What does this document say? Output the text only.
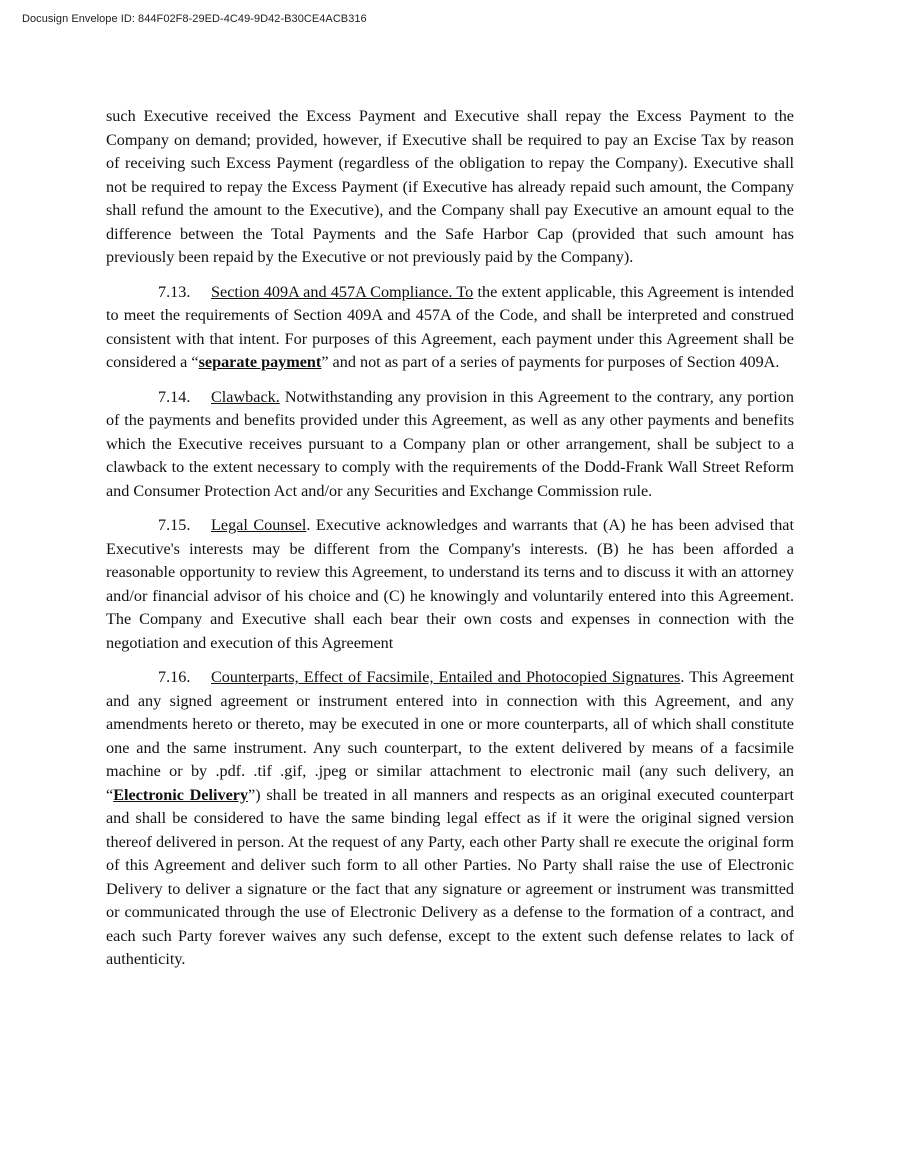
Docusign Envelope ID: 844F02F8-29ED-4C49-9D42-B30CE4ACB316

such Executive received the Excess Payment and Executive shall repay the Excess Payment to the Company on demand; provided, however, if Executive shall be required to pay an Excise Tax by reason of receiving such Excess Payment (regardless of the obligation to repay the Company). Executive shall not be required to repay the Excess Payment (if Executive has already repaid such amount, the Company shall refund the amount to the Executive), and the Company shall pay Executive an amount equal to the difference between the Total Payments and the Safe Harbor Cap (provided that such amount has previously been repaid by the Executive or not previously paid by the Company).

7.13. Section 409A and 457A Compliance. To the extent applicable, this Agreement is intended to meet the requirements of Section 409A and 457A of the Code, and shall be interpreted and construed consistent with that intent. For purposes of this Agreement, each payment under this Agreement shall be considered a “separate payment” and not as part of a series of payments for purposes of Section 409A.

7.14. Clawback. Notwithstanding any provision in this Agreement to the contrary, any portion of the payments and benefits provided under this Agreement, as well as any other payments and benefits which the Executive receives pursuant to a Company plan or other arrangement, shall be subject to a clawback to the extent necessary to comply with the requirements of the Dodd-Frank Wall Street Reform and Consumer Protection Act and/or any Securities and Exchange Commission rule.

7.15. Legal Counsel. Executive acknowledges and warrants that (A) he has been advised that Executive's interests may be different from the Company's interests. (B) he has been afforded a reasonable opportunity to review this Agreement, to understand its terns and to discuss it with an attorney and/or financial advisor of his choice and (C) he knowingly and voluntarily entered into this Agreement. The Company and Executive shall each bear their own costs and expenses in connection with the negotiation and execution of this Agreement

7.16. Counterparts, Effect of Facsimile, Entailed and Photocopied Signatures. This Agreement and any signed agreement or instrument entered into in connection with this Agreement, and any amendments hereto or thereto, may be executed in one or more counterparts, all of which shall constitute one and the same instrument. Any such counterpart, to the extent delivered by means of a facsimile machine or by .pdf. .tif .gif, .jpeg or similar attachment to electronic mail (any such delivery, an “Electronic Delivery”) shall be treated in all manners and respects as an original executed counterpart and shall be considered to have the same binding legal effect as if it were the original signed version thereof delivered in person. At the request of any Party, each other Party shall re execute the original form of this Agreement and deliver such form to all other Parties. No Party shall raise the use of Electronic Delivery to deliver a signature or the fact that any signature or agreement or instrument was transmitted or communicated through the use of Electronic Delivery as a defense to the formation of a contract, and each such Party forever waives any such defense, except to the extent such defense relates to lack of authenticity.
